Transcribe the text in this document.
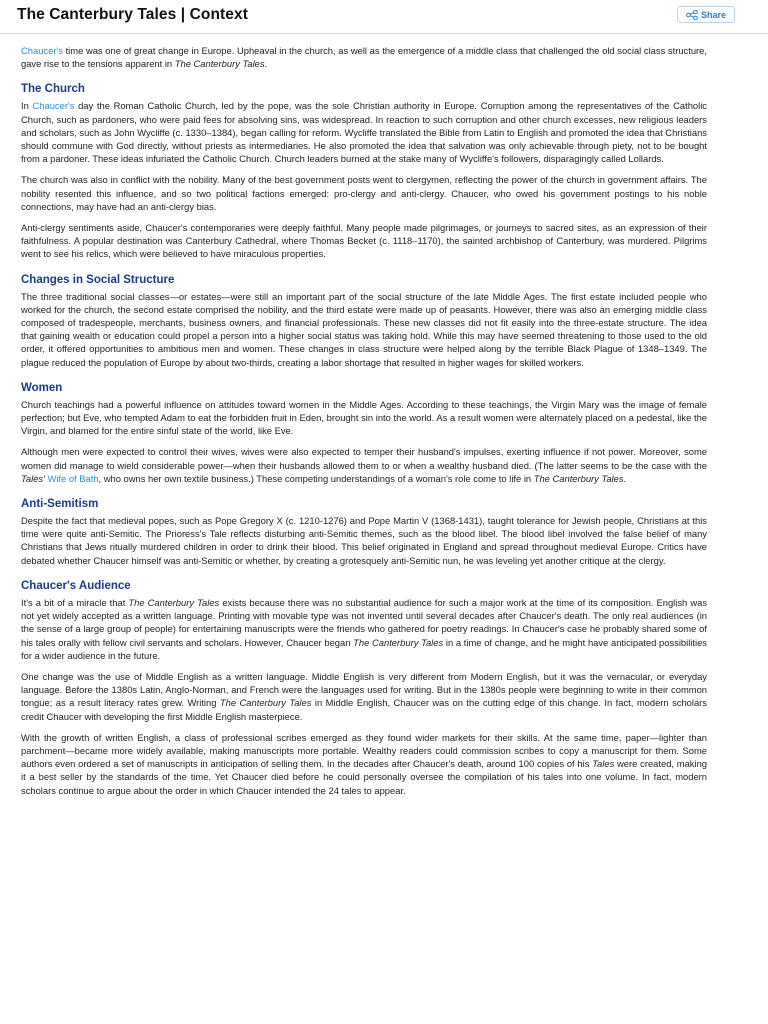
The Canterbury Tales | Context	Share

Chaucer's time was one of great change in Europe. Upheaval in the church, as well as the emergence of a middle class that challenged the old social class structure, gave rise to the tensions apparent in The Canterbury Tales.

The Church

In Chaucer's day the Roman Catholic Church, led by the pope, was the sole Christian authority in Europe. Corruption among the representatives of the Catholic Church, such as pardoners, who were paid fees for absolving sins, was widespread. In reaction to such corruption and other church excesses, new religious leaders and scholars, such as John Wycliffe (c. 1330–1384), began calling for reform. Wycliffe translated the Bible from Latin to English and promoted the idea that Christians should commune with God directly, without priests as intermediaries. He also promoted the idea that salvation was only achievable through piety, not to be bought from a pardoner. These ideas infuriated the Catholic Church. Church leaders burned at the stake many of Wycliffe's followers, disparagingly called Lollards.

The church was also in conflict with the nobility. Many of the best government posts went to clergymen, reflecting the power of the church in government affairs. The nobility resented this influence, and so two political factions emerged: pro-clergy and anti-clergy. Chaucer, who owed his government postings to his noble connections, may have had an anti-clergy bias.

Anti-clergy sentiments aside, Chaucer's contemporaries were deeply faithful. Many people made pilgrimages, or journeys to sacred sites, as an expression of their faithfulness. A popular destination was Canterbury Cathedral, where Thomas Becket (c. 1118–1170), the sainted archbishop of Canterbury, was murdered. Pilgrims went to see his relics, which were believed to have miraculous properties.

Changes in Social Structure

The three traditional social classes—or estates—were still an important part of the social structure of the late Middle Ages. The first estate included people who worked for the church, the second estate comprised the nobility, and the third estate were made up of peasants. However, there was also an emerging middle class composed of tradespeople, merchants, business owners, and financial professionals. These new classes did not fit easily into the three-estate structure. The idea that gaining wealth or education could propel a person into a higher social status was taking hold. While this may have seemed threatening to those used to the old order, it offered opportunities to ambitious men and women. These changes in class structure were helped along by the terrible Black Plague of 1348–1349. The plague reduced the population of Europe by about two-thirds, creating a labor shortage that resulted in higher wages for skilled workers.

Women

Church teachings had a powerful influence on attitudes toward women in the Middle Ages. According to these teachings, the Virgin Mary was the image of female perfection; but Eve, who tempted Adam to eat the forbidden fruit in Eden, brought sin into the world. As a result women were alternately placed on a pedestal, like the Virgin, and blamed for the entire sinful state of the world, like Eve.

Although men were expected to control their wives, wives were also expected to temper their husband's impulses, exerting influence if not power. Moreover, some women did manage to wield considerable power—when their husbands allowed them to or when a wealthy husband died. (The latter seems to be the case with the Tales' Wife of Bath, who owns her own textile business.) These competing understandings of a woman's role come to life in The Canterbury Tales.

Anti-Semitism

Despite the fact that medieval popes, such as Pope Gregory X (c. 1210-1276) and Pope Martin V (1368-1431), taught tolerance for Jewish people, Christians at this time were quite anti-Semitic. The Prioress's Tale reflects disturbing anti-Semitic themes, such as the blood libel. The blood libel involved the false belief of many Christians that Jews ritually murdered children in order to drink their blood. This belief originated in England and spread throughout medieval Europe. Critics have debated whether Chaucer himself was anti-Semitic or whether, by creating a grotesquely anti-Semitic nun, he was leveling yet another critique at the clergy.

Chaucer's Audience

It's a bit of a miracle that The Canterbury Tales exists because there was no substantial audience for such a major work at the time of its composition. English was not yet widely accepted as a written language. Printing with movable type was not invented until several decades after Chaucer's death. The only real audiences (in the sense of a large group of people) for entertaining manuscripts were the friends who gathered for poetry readings. In Chaucer's case he probably shared some of his tales orally with fellow civil servants and scholars. However, Chaucer began The Canterbury Tales in a time of change, and he might have anticipated possibilities for a wider audience in the future.

One change was the use of Middle English as a written language. Middle English is very different from Modern English, but it was the vernacular, or everyday language. Before the 1380s Latin, Anglo-Norman, and French were the languages used for writing. But in the 1380s people were beginning to write in their common tongue; as a result literacy rates grew. Writing The Canterbury Tales in Middle English, Chaucer was on the cutting edge of this change. In fact, modern scholars credit Chaucer with developing the first Middle English masterpiece.

With the growth of written English, a class of professional scribes emerged as they found wider markets for their skills. At the same time, paper—lighter than parchment—became more widely available, making manuscripts more portable. Wealthy readers could commission scribes to copy a manuscript for them. Some authors even ordered a set of manuscripts in anticipation of selling them. In the decades after Chaucer's death, around 100 copies of his Tales were created, making it a best seller by the standards of the time. Yet Chaucer died before he could personally oversee the compilation of his tales into one volume. In fact, modern scholars continue to argue about the order in which Chaucer intended the 24 tales to appear.
